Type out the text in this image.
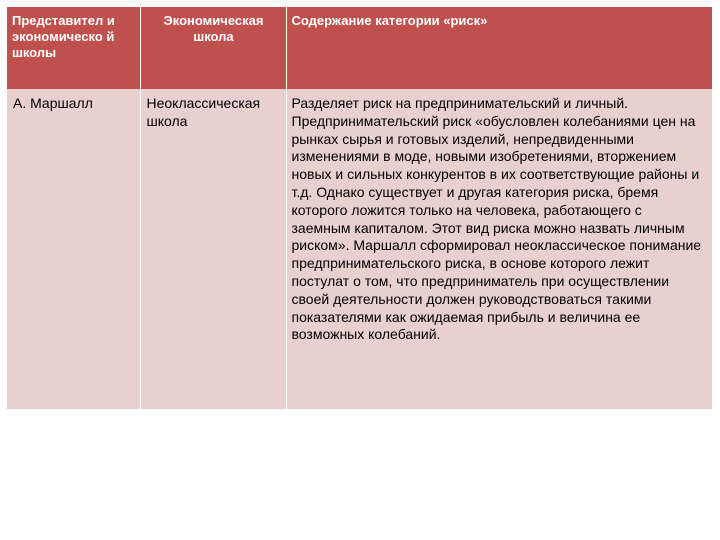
Представител и экономическо й школы	Экономическая школа	Содержание категории «риск»
А. Маршалл	Неоклассическая школа	Разделяет риск на предпринимательский и личный. Предпринимательский риск «обусловлен колебаниями цен на рынках сырья и готовых изделий, непредвиденными изменениями в моде, новыми изобретениями, вторжением новых и сильных конкурентов в их соответствующие районы и т.д. Однако существует и другая категория риска, бремя которого ложится только на человека, работающего с заемным капиталом. Этот вид риска можно назвать личным риском». Маршалл сформировал неоклассическое понимание предпринимательского риска, в основе которого лежит постулат о том, что предприниматель при осуществлении своей деятельности должен руководствоваться такими показателями как ожидаемая прибыль и величина ее возможных колебаний.
